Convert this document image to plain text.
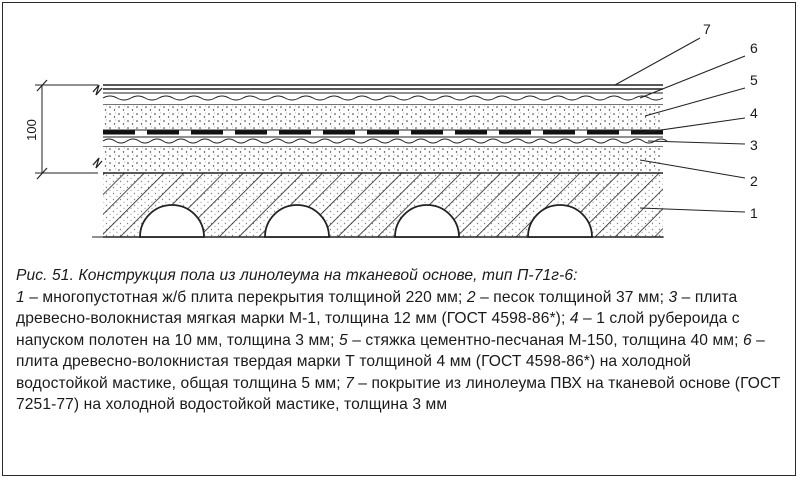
100
7
6
5
4
3
2
1

Рис. 51. Конструкция пола из линолеума на тканевой основе, тип П-71г-6:
1 – многопустотная ж/б плита перекрытия толщиной 220 мм; 2 – песок толщиной 37 мм; 3 – плита древесно-волокнистая мягкая марки М-1, толщина 12 мм (ГОСТ 4598-86*); 4 – 1 слой рубероида с напуском полотен на 10 мм, толщина 3 мм; 5 – стяжка цементно-песчаная М-150, толщина 40 мм; 6 – плита древесно-волокнистая твердая марки Т толщиной 4 мм (ГОСТ 4598-86*) на холодной водостойкой мастике, общая толщина 5 мм; 7 – покрытие из линолеума ПВХ на тканевой основе (ГОСТ 7251-77) на холодной водостойкой мастике, толщина 3 мм
